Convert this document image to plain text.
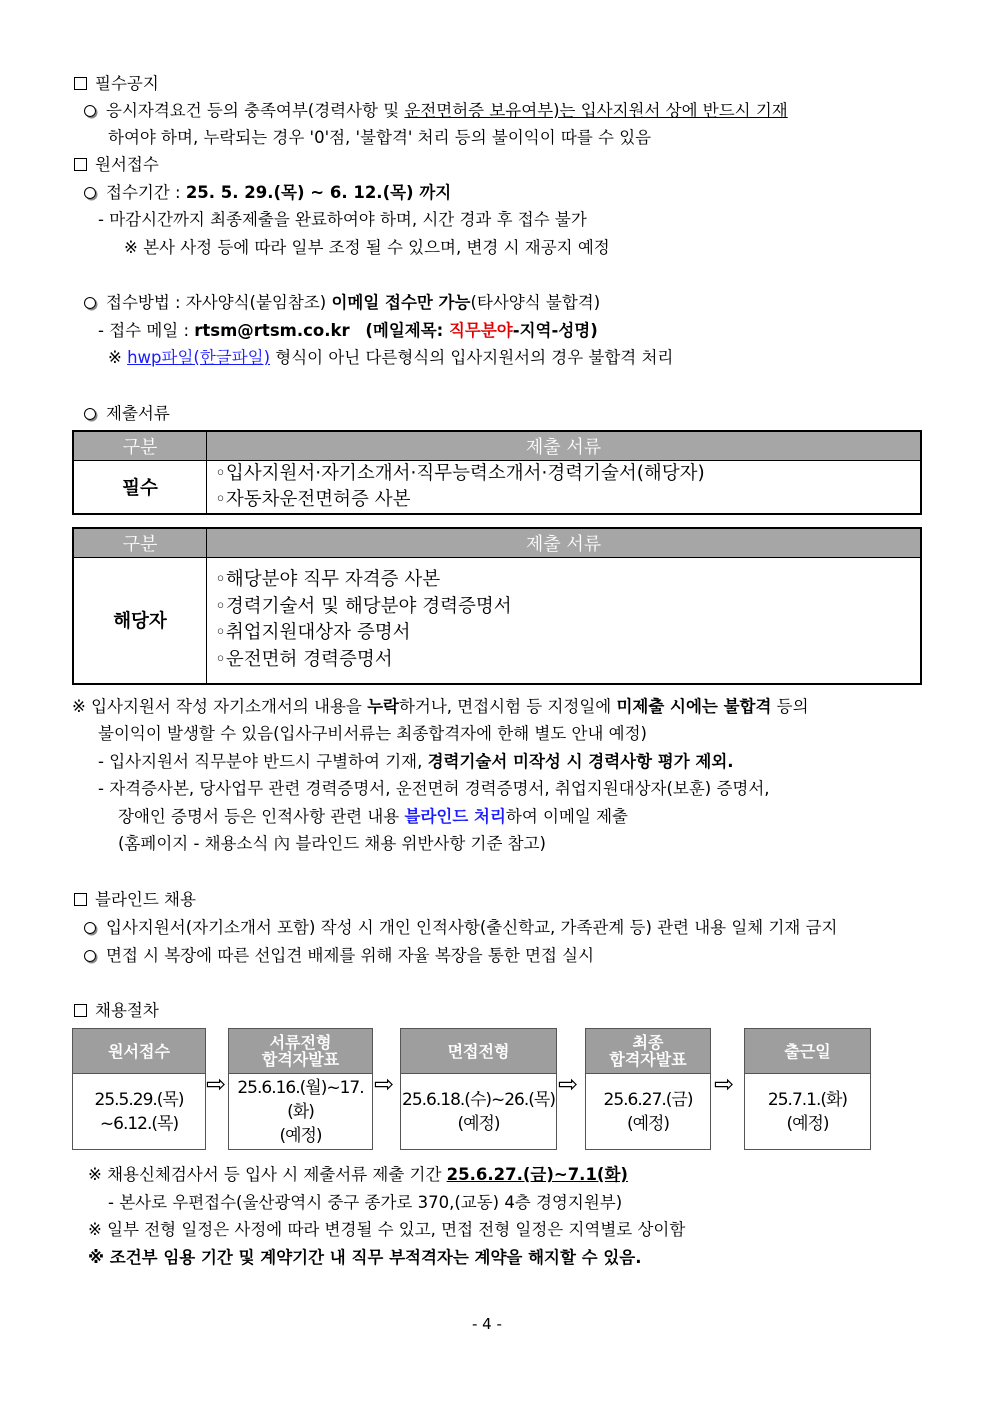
필수공지
응시자격요건 등의 충족여부(경력사항 및 운전면허증 보유여부)는 입사지원서 상에 반드시 기재
하여야 하며, 누락되는 경우 '0'점, '불합격' 처리 등의 불이익이 따를 수 있음
원서접수
접수기간 : 25. 5. 29.(목) ~ 6. 12.(목) 까지
- 마감시간까지 최종제출을 완료하여야 하며, 시간 경과 후 접수 불가
※ 본사 사정 등에 따라 일부 조정 될 수 있으며, 변경 시 재공지 예정
접수방법 : 자사양식(붙임참조) 이메일 접수만 가능(타사양식 불합격)
- 접수 메일 : rtsm@rtsm.co.kr (메일제목: 직무분야-지역-성명)
※ hwp파일(한글파일) 형식이 아닌 다른형식의 입사지원서의 경우 불합격 처리
제출서류
구분	제출 서류
필수	◦입사지원서·자기소개서·직무능력소개서·경력기술서(해당자)
◦자동차운전면허증 사본
구분	제출 서류
해당자	◦해당분야 직무 자격증 사본
◦경력기술서 및 해당분야 경력증명서
◦취업지원대상자 증명서
◦운전면허 경력증명서
※ 입사지원서 작성 자기소개서의 내용을 누락하거나, 면접시험 등 지정일에 미제출 시에는 불합격 등의
불이익이 발생할 수 있음(입사구비서류는 최종합격자에 한해 별도 안내 예정)
- 입사지원서 직무분야 반드시 구별하여 기재, 경력기술서 미작성 시 경력사항 평가 제외.
- 자격증사본, 당사업무 관련 경력증명서, 운전면허 경력증명서, 취업지원대상자(보훈) 증명서,
장애인 증명서 등은 인적사항 관련 내용 블라인드 처리하여 이메일 제출
(홈페이지 - 채용소식 內 블라인드 채용 위반사항 기준 참고)
블라인드 채용
입사지원서(자기소개서 포함) 작성 시 개인 인적사항(출신학교, 가족관계 등) 관련 내용 일체 기재 금지
면접 시 복장에 따른 선입견 배제를 위해 자율 복장을 통한 면접 실시
채용절차
원서접수
25.5.29.(목)
~6.12.(목)
⇨
서류전형
합격자발표
25.6.16.(월)~17.(화)
(예정)
⇨
면접전형
25.6.18.(수)~26.(목)
(예정)
⇨
최종
합격자발표
25.6.27.(금)
(예정)
⇨
출근일
25.7.1.(화)
(예정)
※ 채용신체검사서 등 입사 시 제출서류 제출 기간 25.6.27.(금)~7.1(화)
- 본사로 우편접수(울산광역시 중구 종가로 370,(교동) 4층 경영지원부)
※ 일부 전형 일정은 사정에 따라 변경될 수 있고, 면접 전형 일정은 지역별로 상이함
※ 조건부 임용 기간 및 계약기간 내 직무 부적격자는 계약을 해지할 수 있음.
- 4 -
